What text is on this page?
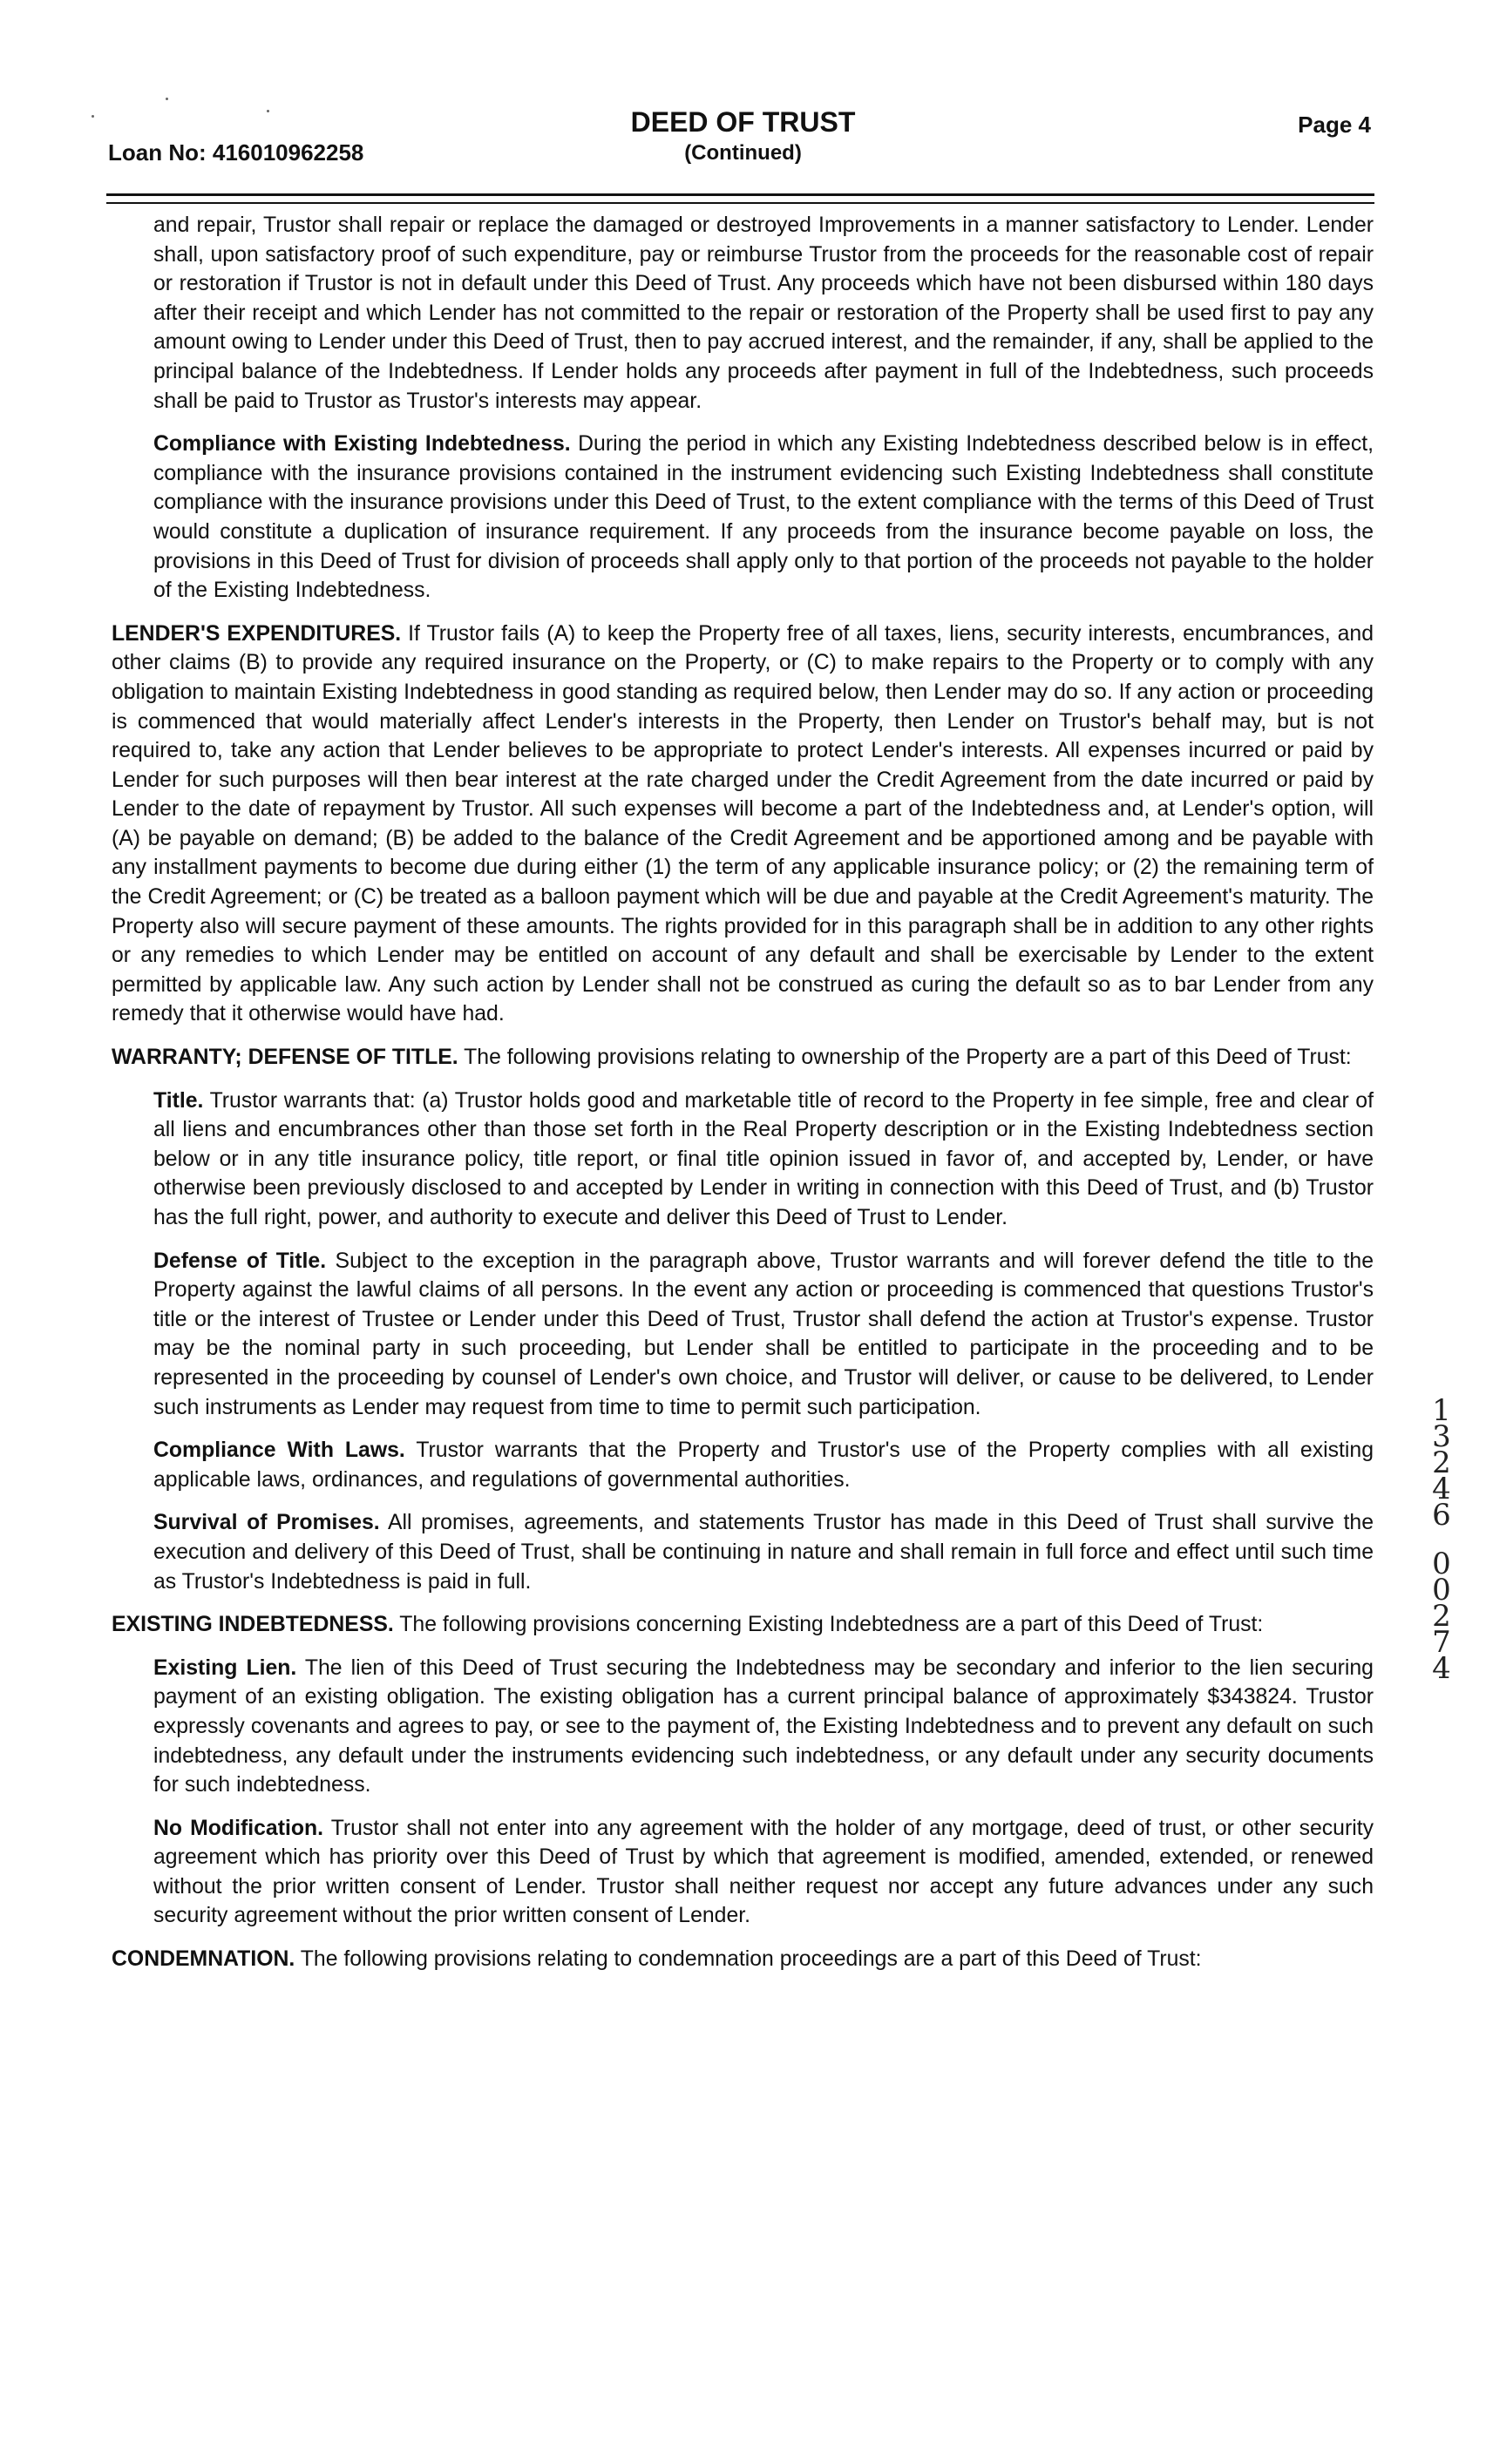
Loan No: 416010962258
DEED OF TRUST
(Continued)
Page 4

and repair, Trustor shall repair or replace the damaged or destroyed Improvements in a manner satisfactory to Lender. Lender shall, upon satisfactory proof of such expenditure, pay or reimburse Trustor from the proceeds for the reasonable cost of repair or restoration if Trustor is not in default under this Deed of Trust. Any proceeds which have not been disbursed within 180 days after their receipt and which Lender has not committed to the repair or restoration of the Property shall be used first to pay any amount owing to Lender under this Deed of Trust, then to pay accrued interest, and the remainder, if any, shall be applied to the principal balance of the Indebtedness. If Lender holds any proceeds after payment in full of the Indebtedness, such proceeds shall be paid to Trustor as Trustor's interests may appear.

Compliance with Existing Indebtedness. During the period in which any Existing Indebtedness described below is in effect, compliance with the insurance provisions contained in the instrument evidencing such Existing Indebtedness shall constitute compliance with the insurance provisions under this Deed of Trust, to the extent compliance with the terms of this Deed of Trust would constitute a duplication of insurance requirement. If any proceeds from the insurance become payable on loss, the provisions in this Deed of Trust for division of proceeds shall apply only to that portion of the proceeds not payable to the holder of the Existing Indebtedness.

LENDER'S EXPENDITURES. If Trustor fails (A) to keep the Property free of all taxes, liens, security interests, encumbrances, and other claims (B) to provide any required insurance on the Property, or (C) to make repairs to the Property or to comply with any obligation to maintain Existing Indebtedness in good standing as required below, then Lender may do so. If any action or proceeding is commenced that would materially affect Lender's interests in the Property, then Lender on Trustor's behalf may, but is not required to, take any action that Lender believes to be appropriate to protect Lender's interests. All expenses incurred or paid by Lender for such purposes will then bear interest at the rate charged under the Credit Agreement from the date incurred or paid by Lender to the date of repayment by Trustor. All such expenses will become a part of the Indebtedness and, at Lender's option, will (A) be payable on demand; (B) be added to the balance of the Credit Agreement and be apportioned among and be payable with any installment payments to become due during either (1) the term of any applicable insurance policy; or (2) the remaining term of the Credit Agreement; or (C) be treated as a balloon payment which will be due and payable at the Credit Agreement's maturity. The Property also will secure payment of these amounts. The rights provided for in this paragraph shall be in addition to any other rights or any remedies to which Lender may be entitled on account of any default and shall be exercisable by Lender to the extent permitted by applicable law. Any such action by Lender shall not be construed as curing the default so as to bar Lender from any remedy that it otherwise would have had.

WARRANTY; DEFENSE OF TITLE. The following provisions relating to ownership of the Property are a part of this Deed of Trust:

Title. Trustor warrants that: (a) Trustor holds good and marketable title of record to the Property in fee simple, free and clear of all liens and encumbrances other than those set forth in the Real Property description or in the Existing Indebtedness section below or in any title insurance policy, title report, or final title opinion issued in favor of, and accepted by, Lender, or have otherwise been previously disclosed to and accepted by Lender in writing in connection with this Deed of Trust, and (b) Trustor has the full right, power, and authority to execute and deliver this Deed of Trust to Lender.

Defense of Title. Subject to the exception in the paragraph above, Trustor warrants and will forever defend the title to the Property against the lawful claims of all persons. In the event any action or proceeding is commenced that questions Trustor's title or the interest of Trustee or Lender under this Deed of Trust, Trustor shall defend the action at Trustor's expense. Trustor may be the nominal party in such proceeding, but Lender shall be entitled to participate in the proceeding and to be represented in the proceeding by counsel of Lender's own choice, and Trustor will deliver, or cause to be delivered, to Lender such instruments as Lender may request from time to time to permit such participation.

Compliance With Laws. Trustor warrants that the Property and Trustor's use of the Property complies with all existing applicable laws, ordinances, and regulations of governmental authorities.

Survival of Promises. All promises, agreements, and statements Trustor has made in this Deed of Trust shall survive the execution and delivery of this Deed of Trust, shall be continuing in nature and shall remain in full force and effect until such time as Trustor's Indebtedness is paid in full.

EXISTING INDEBTEDNESS. The following provisions concerning Existing Indebtedness are a part of this Deed of Trust:

Existing Lien. The lien of this Deed of Trust securing the Indebtedness may be secondary and inferior to the lien securing payment of an existing obligation. The existing obligation has a current principal balance of approximately $343824. Trustor expressly covenants and agrees to pay, or see to the payment of, the Existing Indebtedness and to prevent any default on such indebtedness, any default under the instruments evidencing such indebtedness, or any default under any security documents for such indebtedness.

No Modification. Trustor shall not enter into any agreement with the holder of any mortgage, deed of trust, or other security agreement which has priority over this Deed of Trust by which that agreement is modified, amended, extended, or renewed without the prior written consent of Lender. Trustor shall neither request nor accept any future advances under any such security agreement without the prior written consent of Lender.

CONDEMNATION. The following provisions relating to condemnation proceedings are a part of this Deed of Trust:

1
3
2
4
6
0
0
2
7
4
